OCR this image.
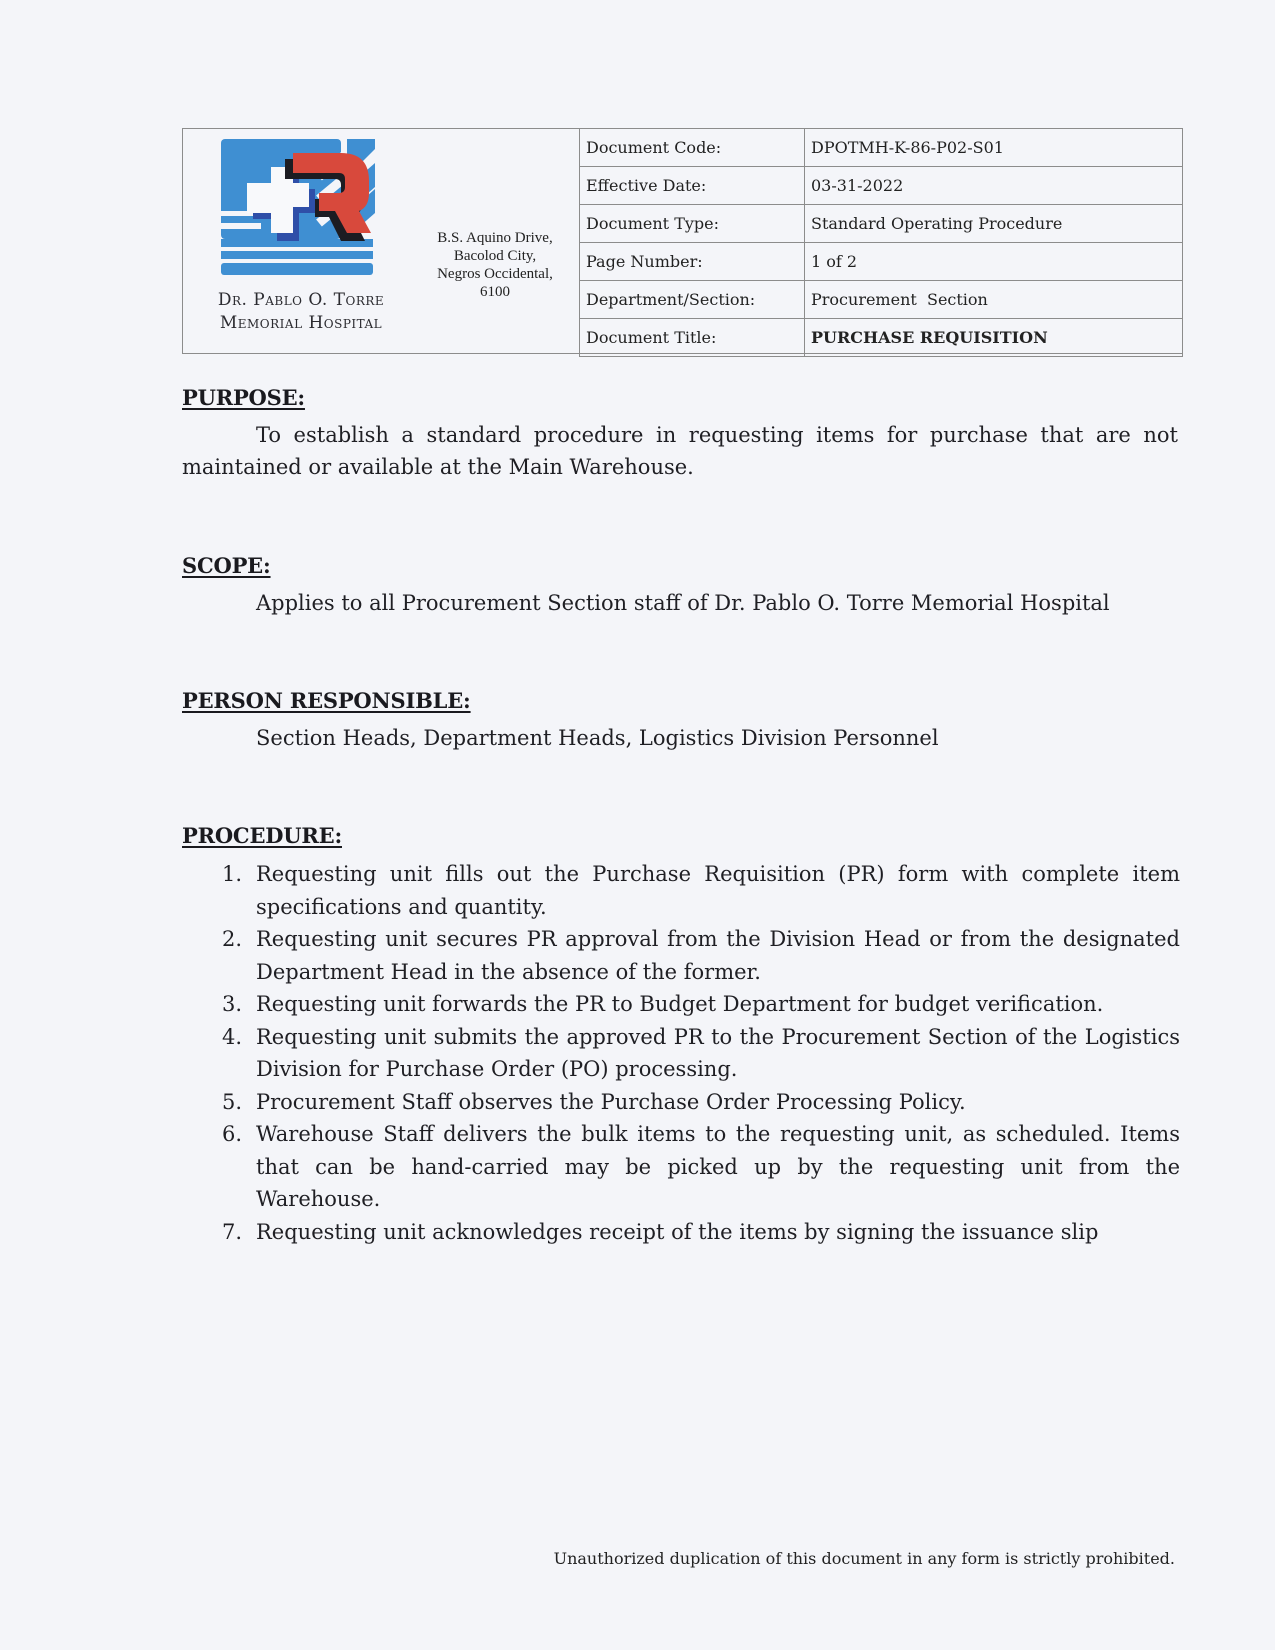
Dr. Pablo O. Torre
Memorial Hospital
B.S. Aquino Drive,
Bacolod City,
Negros Occidental,
6100
Document Code:	DPOTMH-K-86-P02-S01
Effective Date:	03-31-2022
Document Type:	Standard Operating Procedure
Page Number:	1 of 2
Department/Section:	Procurement  Section
Document Title:	PURCHASE REQUISITION
PURPOSE:
To establish a standard procedure in requesting items for purchase that are not maintained or available at the Main Warehouse.
SCOPE:
Applies to all Procurement Section staff of Dr. Pablo O. Torre Memorial Hospital
PERSON RESPONSIBLE:
Section Heads, Department Heads, Logistics Division Personnel
PROCEDURE:
1. Requesting unit fills out the Purchase Requisition (PR) form with complete item specifications and quantity.
2. Requesting unit secures PR approval from the Division Head or from the designated Department Head in the absence of the former.
3. Requesting unit forwards the PR to Budget Department for budget verification.
4. Requesting unit submits the approved PR to the Procurement Section of the Logistics Division for Purchase Order (PO) processing.
5. Procurement Staff observes the Purchase Order Processing Policy.
6. Warehouse Staff delivers the bulk items to the requesting unit, as scheduled. Items that can be hand-carried may be picked up by the requesting unit from the Warehouse.
7. Requesting unit acknowledges receipt of the items by signing the issuance slip
Unauthorized duplication of this document in any form is strictly prohibited.
